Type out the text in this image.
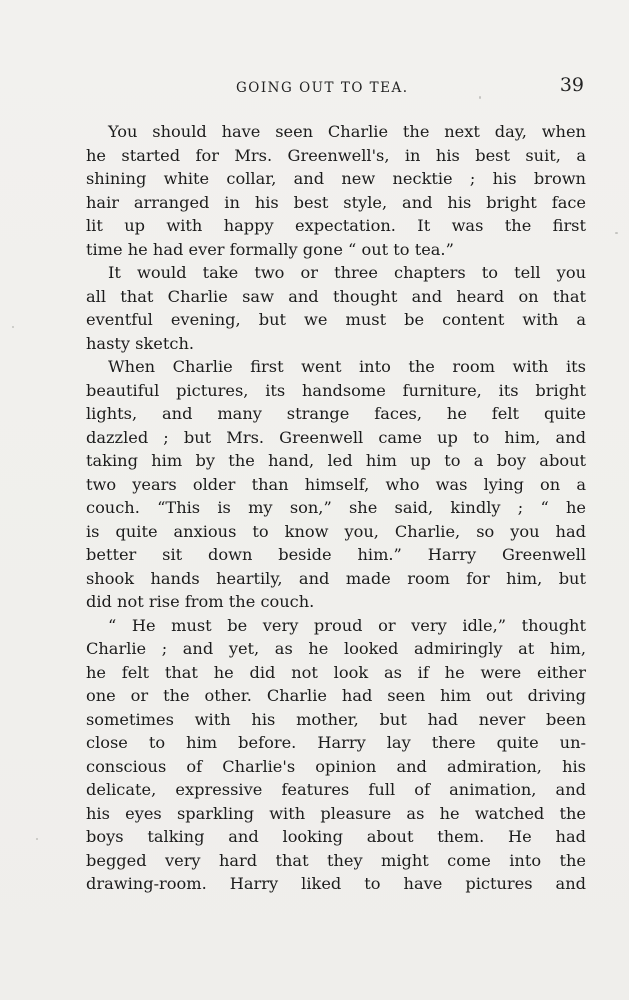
GOING OUT TO TEA.	39
You should have seen Charlie the next day, when
he started for Mrs. Greenwell's, in his best suit, a
shining white collar, and new necktie ; his brown
hair arranged in his best style, and his bright face
lit up with happy expectation. It was the first
time he had ever formally gone “ out to tea.”
It would take two or three chapters to tell you
all that Charlie saw and thought and heard on that
eventful evening, but we must be content with a
hasty sketch.
When Charlie first went into the room with its
beautiful pictures, its handsome furniture, its bright
lights, and many strange faces, he felt quite
dazzled ; but Mrs. Greenwell came up to him, and
taking him by the hand, led him up to a boy about
two years older than himself, who was lying on a
couch. “This is my son,” she said, kindly ; “ he
is quite anxious to know you, Charlie, so you had
better sit down beside him.” Harry Greenwell
shook hands heartily, and made room for him, but
did not rise from the couch.
“ He must be very proud or very idle,” thought
Charlie ; and yet, as he looked admiringly at him,
he felt that he did not look as if he were either
one or the other. Charlie had seen him out driving
sometimes with his mother, but had never been
close to him before. Harry lay there quite un-
conscious of Charlie's opinion and admiration, his
delicate, expressive features full of animation, and
his eyes sparkling with pleasure as he watched the
boys talking and looking about them. He had
begged very hard that they might come into the
drawing-room. Harry liked to have pictures and
